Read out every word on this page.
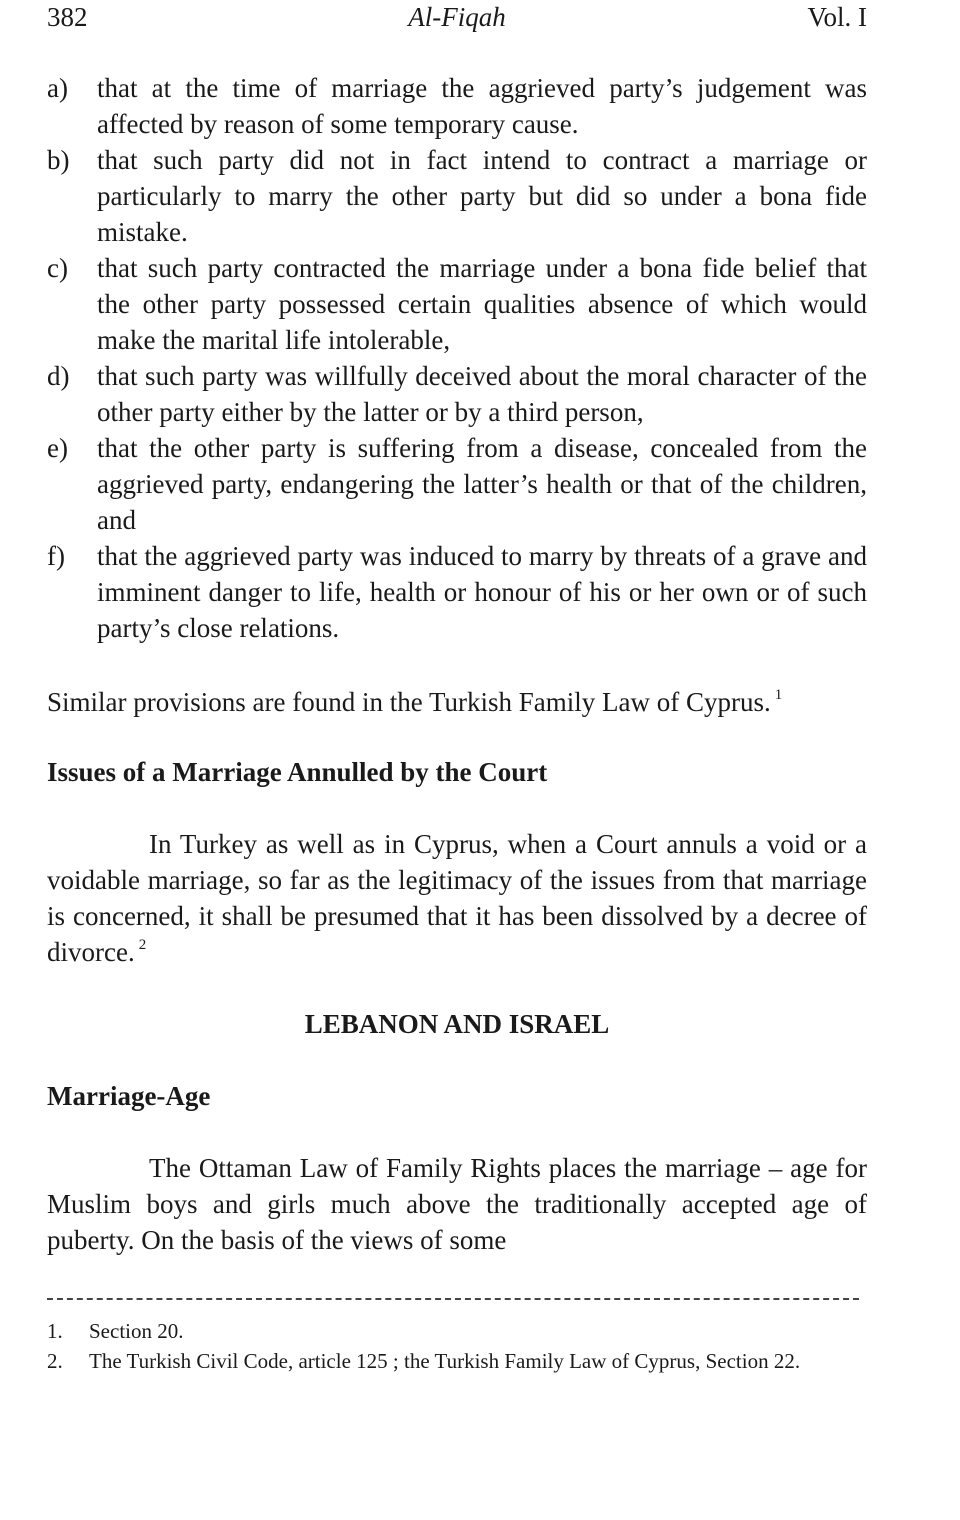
382	Al-Fiqah	Vol. I
a) that at the time of marriage the aggrieved party’s judgement was affected by reason of some temporary cause.
b) that such party did not in fact intend to contract a marriage or particularly to marry the other party but did so under a bona fide mistake.
c) that such party contracted the marriage under a bona fide belief that the other party possessed certain qualities absence of which would make the marital life intolerable,
d) that such party was willfully deceived about the moral character of the other party either by the latter or by a third person,
e) that the other party is suffering from a disease, concealed from the aggrieved party, endangering the latter’s health or that of the children, and
f) that the aggrieved party was induced to marry by threats of a grave and imminent danger to life, health or honour of his or her own or of such party’s close relations.

Similar provisions are found in the Turkish Family Law of Cyprus. $^1$

Issues of a Marriage Annulled by the Court

In Turkey as well as in Cyprus, when a Court annuls a void or a voidable marriage, so far as the legitimacy of the issues from that marriage is concerned, it shall be presumed that it has been dissolved by a decree of divorce. $^2$

LEBANON AND ISRAEL
Marriage-Age

The Ottaman Law of Family Rights places the marriage – age for Muslim boys and girls much above the traditionally accepted age of puberty. On the basis of the views of some

1. Section 20.

2. The Turkish Civil Code, article 125 ; the Turkish Family Law of Cyprus, Section 22.
